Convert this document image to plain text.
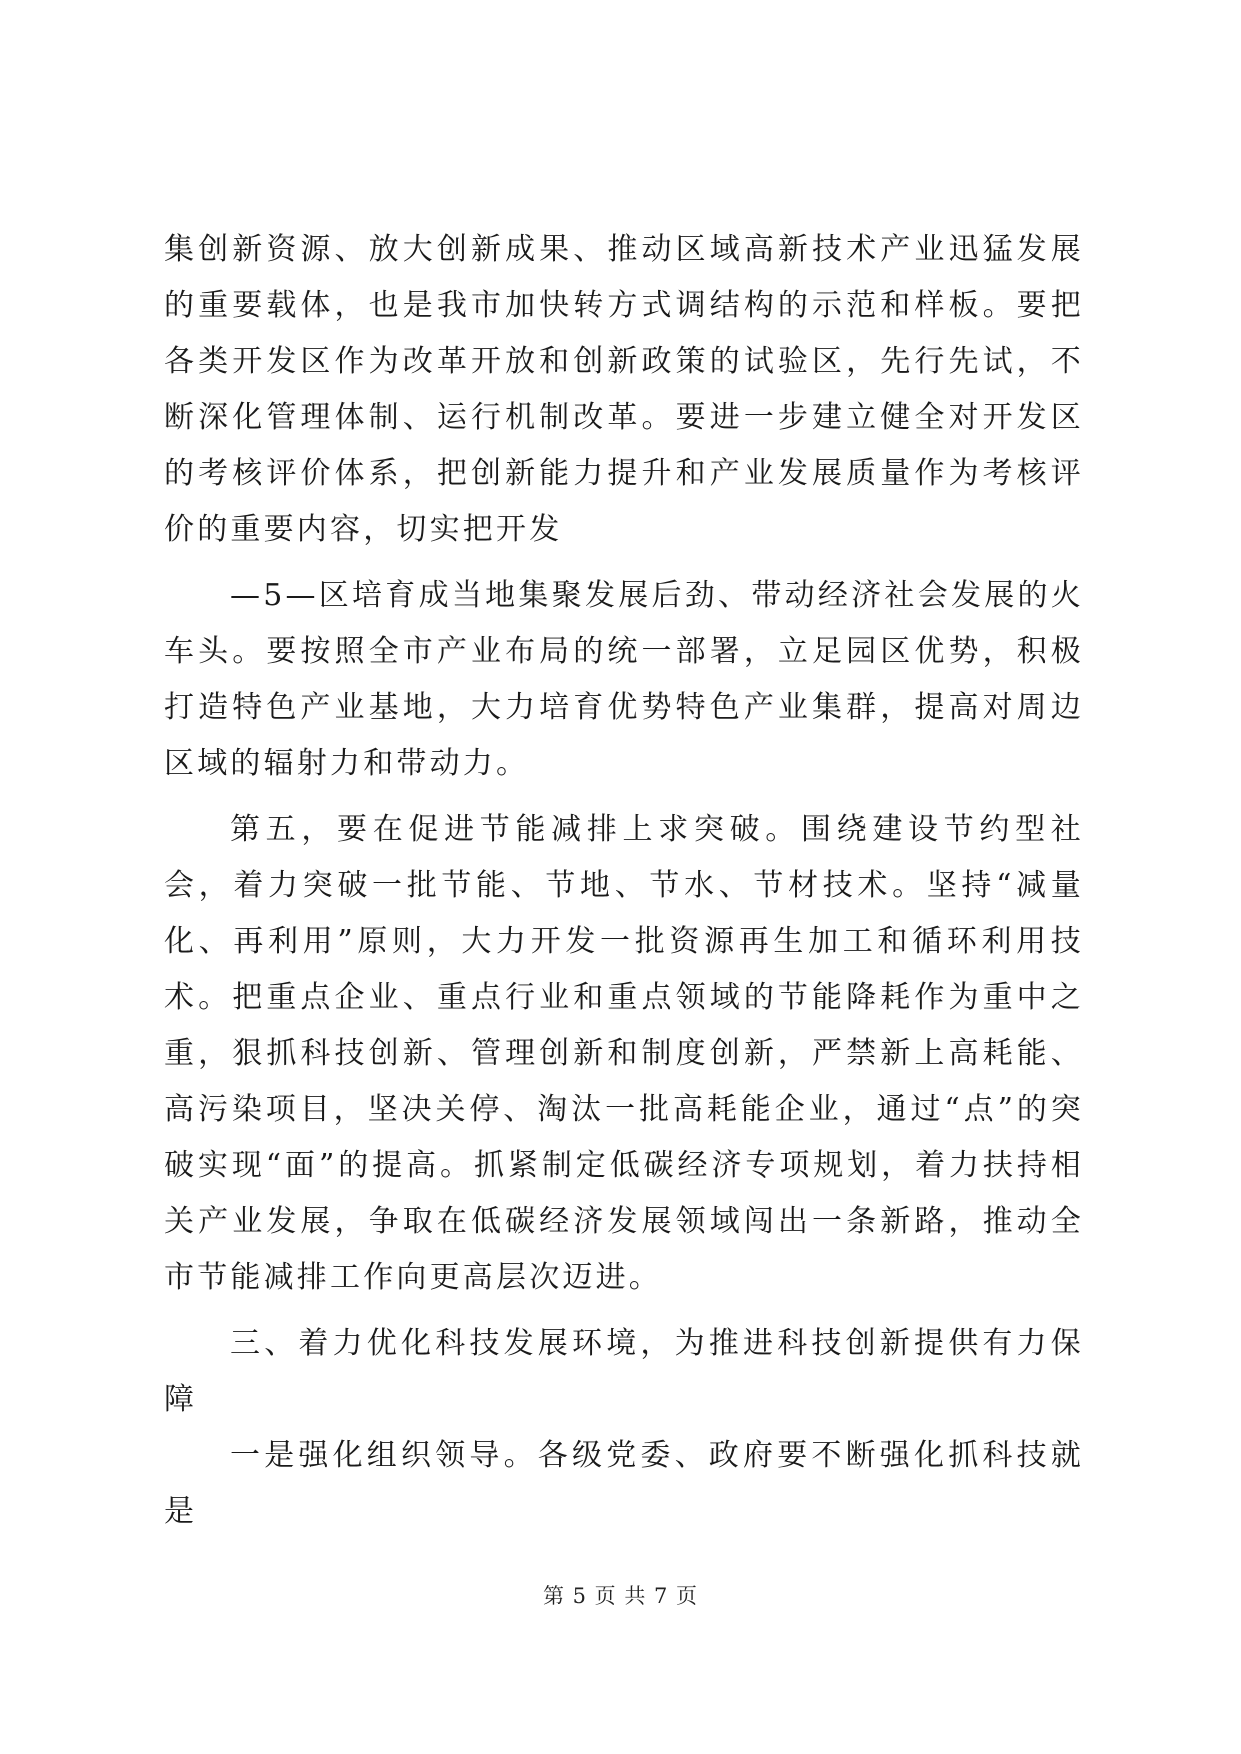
集创新资源、放大创新成果、推动区域高新技术产业迅猛发展的重要载体，也是我市加快转方式调结构的示范和样板。要把各类开发区作为改革开放和创新政策的试验区，先行先试，不断深化管理体制、运行机制改革。要进一步建立健全对开发区的考核评价体系，把创新能力提升和产业发展质量作为考核评价的重要内容，切实把开发

—5—区培育成当地集聚发展后劲、带动经济社会发展的火车头。要按照全市产业布局的统一部署，立足园区优势，积极打造特色产业基地，大力培育优势特色产业集群，提高对周边区域的辐射力和带动力。

第五，要在促进节能减排上求突破。围绕建设节约型社会，着力突破一批节能、节地、节水、节材技术。坚持“减量化、再利用”原则，大力开发一批资源再生加工和循环利用技术。把重点企业、重点行业和重点领域的节能降耗作为重中之重，狠抓科技创新、管理创新和制度创新，严禁新上高耗能、高污染项目，坚决关停、淘汰一批高耗能企业，通过“点”的突破实现“面”的提高。抓紧制定低碳经济专项规划，着力扶持相关产业发展，争取在低碳经济发展领域闯出一条新路，推动全市节能减排工作向更高层次迈进。

三、着力优化科技发展环境，为推进科技创新提供有力保障

一是强化组织领导。各级党委、政府要不断强化抓科技就是

第 5 页 共 7 页
